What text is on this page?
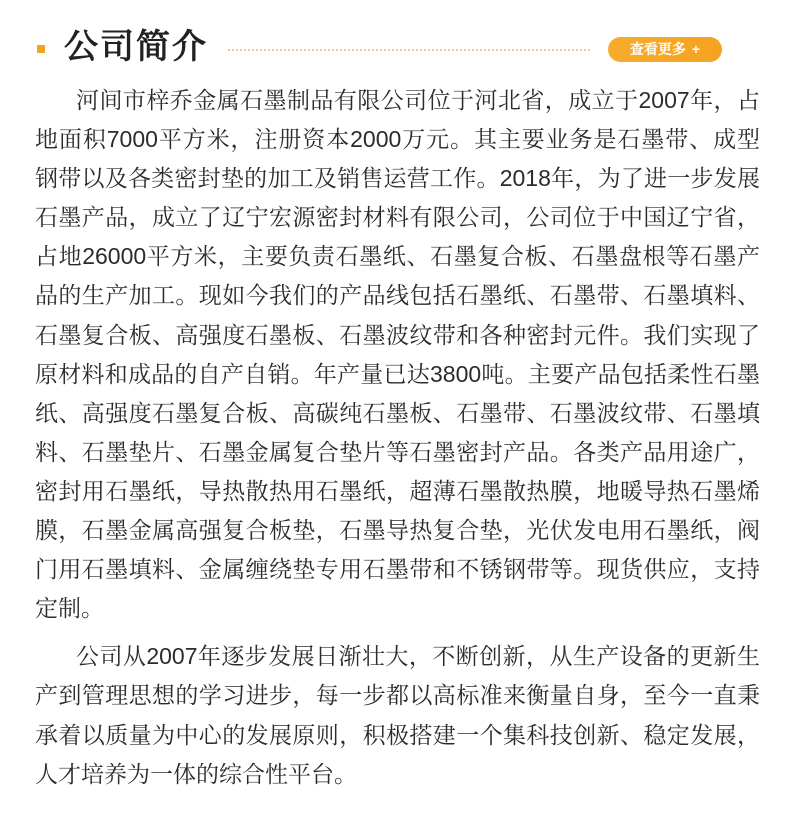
公司简介	查看更多 +
河间市梓乔金属石墨制品有限公司位于河北省，成立于2007年，占
地面积7000平方米，注册资本2000万元。其主要业务是石墨带、成型
钢带以及各类密封垫的加工及销售运营工作。2018年，为了进一步发展
石墨产品，成立了辽宁宏源密封材料有限公司，公司位于中国辽宁省，
占地26000平方米，主要负责石墨纸、石墨复合板、石墨盘根等石墨产
品的生产加工。现如今我们的产品线包括石墨纸、石墨带、石墨填料、
石墨复合板、高强度石墨板、石墨波纹带和各种密封元件。我们实现了
原材料和成品的自产自销。年产量已达3800吨。主要产品包括柔性石墨
纸、高强度石墨复合板、高碳纯石墨板、石墨带、石墨波纹带、石墨填
料、石墨垫片、石墨金属复合垫片等石墨密封产品。各类产品用途广，
密封用石墨纸，导热散热用石墨纸，超薄石墨散热膜，地暖导热石墨烯
膜，石墨金属高强复合板垫，石墨导热复合垫，光伏发电用石墨纸，阀
门用石墨填料、金属缠绕垫专用石墨带和不锈钢带等。现货供应，支持
定制。
公司从2007年逐步发展日渐壮大，不断创新，从生产设备的更新生
产到管理思想的学习进步，每一步都以高标准来衡量自身，至今一直秉
承着以质量为中心的发展原则，积极搭建一个集科技创新、稳定发展，
人才培养为一体的综合性平台。
